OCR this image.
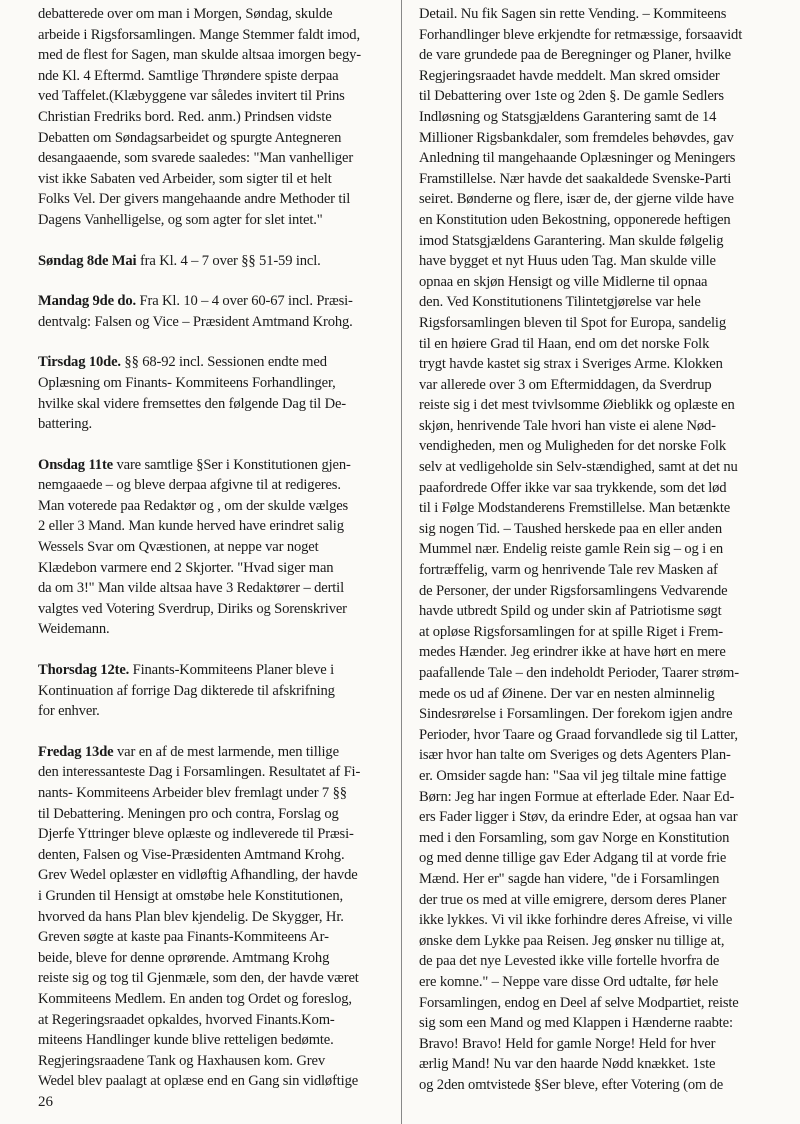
debatterede over om man i Morgen, Søndag, skulde
arbeide i Rigsforsamlingen. Mange Stemmer faldt imod,
med de flest for Sagen, man skulde altsaa imorgen begy-
nde Kl. 4 Eftermd. Samtlige Thrøndere spiste derpaa
ved Taffelet.(Klæbyggene var således invitert til Prins
Christian Fredriks bord. Red. anm.) Prindsen vidste
Debatten om Søndagsarbeidet og spurgte Antegneren
desangaaende, som svarede saaledes: "Man vanhelliger
vist ikke Sabaten ved Arbeider, som sigter til et helt
Folks Vel. Der givers mangehaande andre Methoder til
Dagens Vanhelligelse, og som agter for slet intet."
Søndag 8de Mai fra Kl. 4 – 7 over §§ 51-59 incl.
Mandag 9de do. Fra Kl. 10 – 4 over 60-67 incl. Præsi-
dentvalg: Falsen og Vice – Præsident Amtmand Krohg.
Tirsdag 10de. §§ 68-92 incl. Sessionen endte med
Oplæsning om Finants- Kommiteens Forhandlinger,
hvilke skal videre fremsettes den følgende Dag til De-
battering.
Onsdag 11te vare samtlige §Ser i Konstitutionen gjen-
nemgaaede – og bleve derpaa afgivne til at redigeres.
Man voterede paa Redaktør og , om der skulde vælges
2 eller 3 Mand. Man kunde herved have erindret salig
Wessels Svar om Qvæstionen, at neppe var noget
Klædebon varmere end 2 Skjorter. "Hvad siger man
da om 3!" Man vilde altsaa have 3 Redaktører – dertil
valgtes ved Votering Sverdrup, Diriks og Sorenskriver
Weidemann.
Thorsdag 12te. Finants-Kommiteens Planer bleve i
Kontinuation af forrige Dag dikterede til afskrifning
for enhver.
Fredag 13de var en af de mest larmende, men tillige
den interessanteste Dag i Forsamlingen. Resultatet af Fi-
nants- Kommiteens Arbeider blev fremlagt under 7 §§
til Debattering. Meningen pro och contra, Forslag og
Djerfe Yttringer bleve oplæste og indleverede til Præsi-
denten, Falsen og Vise-Præsidenten Amtmand Krohg.
Grev Wedel oplæster en vidløftig Afhandling, der havde
i Grunden til Hensigt at omstøbe hele Konstitutionen,
hvorved da hans Plan blev kjendelig. De Skygger, Hr.
Greven søgte at kaste paa Finants-Kommiteens Ar-
beide, bleve for denne oprørende. Amtmang Krohg
reiste sig og tog til Gjenmæle, som den, der havde været
Kommiteens Medlem. En anden tog Ordet og foreslog,
at Regeringsraadet opkaldes, hvorved Finants.Kom-
miteens Handlinger kunde blive retteligen bedømte.
Regjeringsraadene Tank og Haxhausen kom. Grev
Wedel blev paalagt at oplæse end en Gang sin vidløftige
Detail. Nu fik Sagen sin rette Vending. – Kommiteens
Forhandlinger bleve erkjendte for retmæssige, forsaavidt
de vare grundede paa de Beregninger og Planer, hvilke
Regjeringsraadet havde meddelt. Man skred omsider
til Debattering over 1ste og 2den §. De gamle Sedlers
Indløsning og Statsgjældens Garantering samt de 14
Millioner Rigsbankdaler, som fremdeles behøvdes, gav
Anledning til mangehaande Oplæsninger og Meningers
Framstillelse. Nær havde det saakaldede Svenske-Parti
seiret. Bønderne og flere, især de, der gjerne vilde have
en Konstitution uden Bekostning, opponerede heftigen
imod Statsgjældens Garantering. Man skulde følgelig
have bygget et nyt Huus uden Tag. Man skulde ville
opnaa en skjøn Hensigt og ville Midlerne til opnaa
den. Ved Konstitutionens Tilintetgjørelse var hele
Rigsforsamlingen bleven til Spot for Europa, sandelig
til en høiere Grad til Haan, end om det norske Folk
trygt havde kastet sig strax i Sveriges Arme. Klokken
var allerede over 3 om Eftermiddagen, da Sverdrup
reiste sig i det mest tvivlsomme Øieblikk og oplæste en
skjøn, henrivende Tale hvori han viste ei alene Nød-
vendigheden, men og Muligheden for det norske Folk
selv at vedligeholde sin Selv-stændighed, samt at det nu
paafordrede Offer ikke var saa trykkende, som det lød
til i Følge Modstanderens Fremstillelse. Man betænkte
sig nogen Tid. – Taushed herskede paa en eller anden
Mummel nær. Endelig reiste gamle Rein sig – og i en
fortræffelig, varm og henrivende Tale rev Masken af
de Personer, der under Rigsforsamlingens Vedvarende
havde utbredt Spild og under skin af Patriotisme søgt
at opløse Rigsforsamlingen for at spille Riget i Frem-
medes Hænder. Jeg erindrer ikke at have hørt en mere
paafallende Tale – den indeholdt Perioder, Taarer strøm-
mede os ud af Øinene. Der var en nesten alminnelig
Sindesrørelse i Forsamlingen. Der forekom igjen andre
Perioder, hvor Taare og Graad forvandlede sig til Latter,
især hvor han talte om Sveriges og dets Agenters Plan-
er. Omsider sagde han: "Saa vil jeg tiltale mine fattige
Børn: Jeg har ingen Formue at efterlade Eder. Naar Ed-
ers Fader ligger i Støv, da erindre Eder, at ogsaa han var
med i den Forsamling, som gav Norge en Konstitution
og med denne tillige gav Eder Adgang til at vorde frie
Mænd. Her er" sagde han videre, "de i Forsamlingen
der true os med at ville emigrere, dersom deres Planer
ikke lykkes. Vi vil ikke forhindre deres Afreise, vi ville
ønske dem Lykke paa Reisen. Jeg ønsker nu tillige at,
de paa det nye Levested ikke ville fortelle hvorfra de
ere komne." – Neppe vare disse Ord udtalte, før hele
Forsamlingen, endog en Deel af selve Modpartiet, reiste
sig som een Mand og med Klappen i Hænderne raabte:
Bravo! Bravo! Held for gamle Norge! Held for hver
ærlig Mand! Nu var den haarde Nødd knækket. 1ste
og 2den omtvistede §Ser bleve, efter Votering (om de
26
